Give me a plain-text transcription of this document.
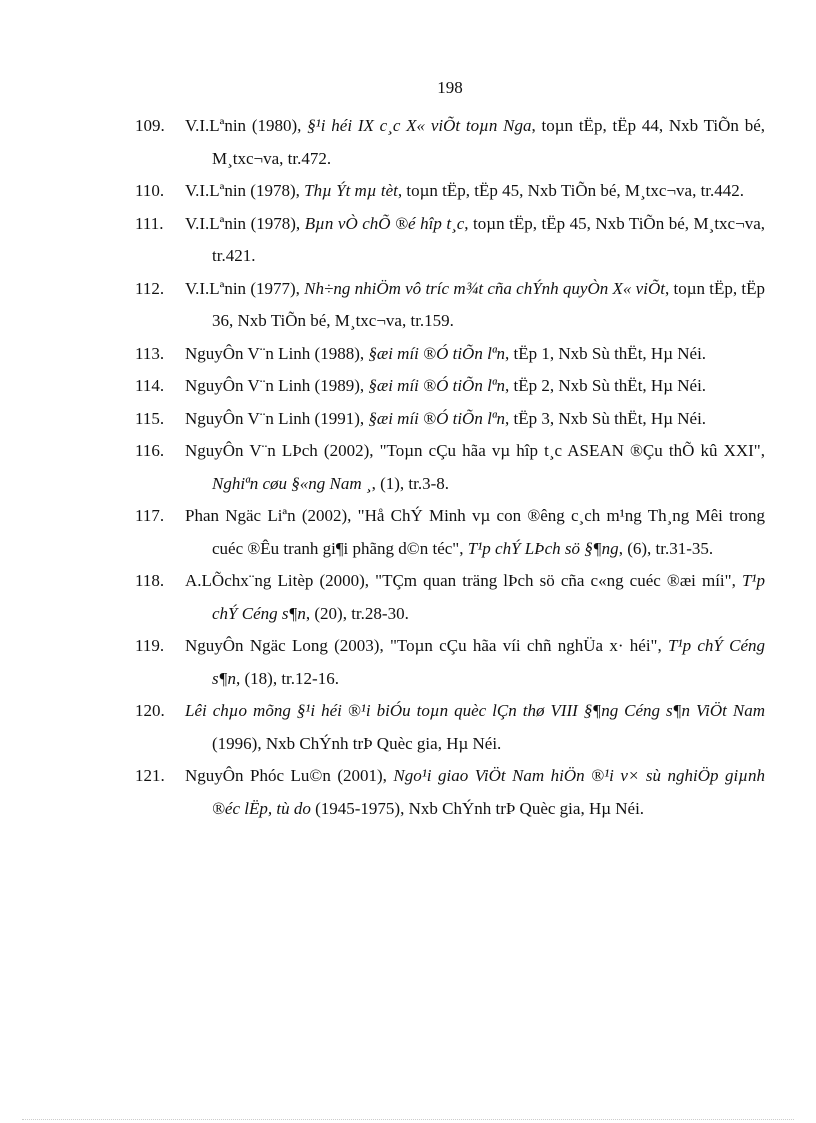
198
109. V.I.Lªnin (1980), §¹i héi IX c¸c X« viÕt toµn Nga, toµn tËp, tËp 44, Nxb TiÕn bé, M¸txc¬va, tr.472.
110. V.I.Lªnin (1978), Thµ Ýt mµ tèt, toµn tËp, tËp 45, Nxb TiÕn bé, M¸txc¬va, tr.442.
111. V.I.Lªnin (1978), Bµn vÒ chÕ ®é hîp t¸c, toµn tËp, tËp 45, Nxb TiÕn bé, M¸txc¬va, tr.421.
112. V.I.Lªnin (1977), Nh÷ng nhiÖm vô tríc m¾t cña chÝnh quyÒn X« viÕt, toµn tËp, tËp 36, Nxb TiÕn bé, M¸txc¬va, tr.159.
113. NguyÔn V¨n Linh (1988), §æi míi ®Ó tiÕn lªn, tËp 1, Nxb Sù thËt, Hµ Néi.
114. NguyÔn V¨n Linh (1989), §æi míi ®Ó tiÕn lªn, tËp 2, Nxb Sù thËt, Hµ Néi.
115. NguyÔn V¨n Linh (1991), §æi míi ®Ó tiÕn lªn, tËp 3, Nxb Sù thËt, Hµ Néi.
116. NguyÔn V¨n LÞch (2002), "Toµn cÇu hãa vµ hîp t¸c ASEAN ®Çu thÕ kû XXI", Nghiªn cøu §«ng Nam ¸, (1), tr.3-8.
117. Phan Ngäc Liªn (2002), "Hå ChÝ Minh vµ con ®êng c¸ch m¹ng Th¸ng Mêi trong cuéc ®Êu tranh gi¶i phãng d©n téc", T¹p chÝ LÞch sö §¶ng, (6), tr.31-35.
118. A.LÕchx¨ng Litèp (2000), "TÇm quan träng lÞch sö cña c«ng cuéc ®æi míi", T¹p chÝ Céng s¶n, (20), tr.28-30.
119. NguyÔn Ngäc Long (2003), "Toµn cÇu hãa víi chñ nghÜa x· héi", T¹p chÝ Céng s¶n, (18), tr.12-16.
120. Lêi chµo mõng §¹i héi ®¹i biÓu toµn quèc lÇn thø VIII §¶ng Céng s¶n ViÖt Nam (1996), Nxb ChÝnh trÞ Quèc gia, Hµ Néi.
121. NguyÔn Phóc Lu©n (2001), Ngo¹i giao ViÖt Nam hiÖn ®¹i v× sù nghiÖp giµnh ®éc lËp, tù do (1945-1975), Nxb ChÝnh trÞ Quèc gia, Hµ Néi.
